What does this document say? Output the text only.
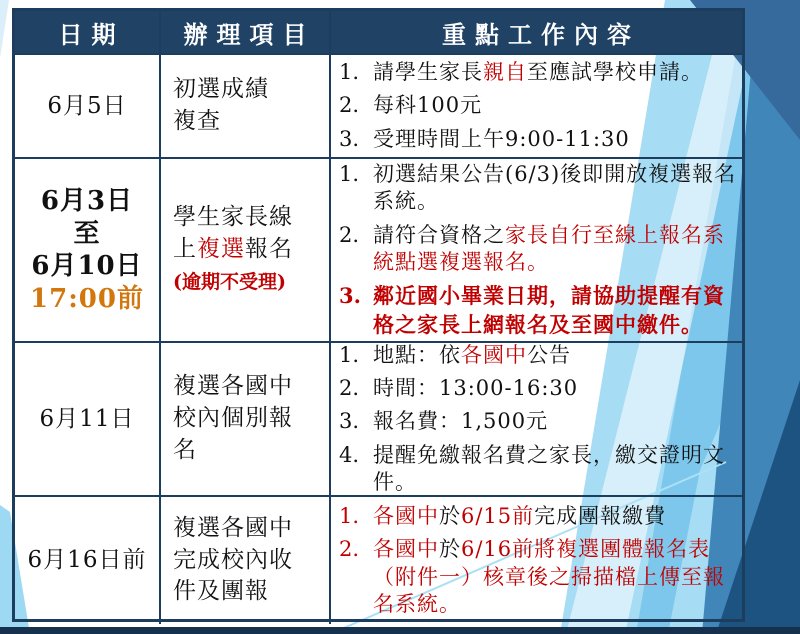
日期	辦理項目	重點工作內容
6月5日
初選成績
複查
1. 請學生家長親自至應試學校申請。
2. 每科100元
3. 受理時間上午9:00-11:30
6月3日
至
6月10日
17:00前
學生家長線
上複選報名
(逾期不受理)
1. 初選結果公告(6/3)後即開放複選報名系統。
2. 請符合資格之家長自行至線上報名系統點選複選報名。
3. 鄰近國小畢業日期，請協助提醒有資格之家長上網報名及至國中繳件。
6月11日
複選各國中
校內個別報
名
1. 地點：依各國中公告
2. 時間：13:00-16:30
3. 報名費：1,500元
4. 提醒免繳報名費之家長，繳交證明文件。
6月16日前
複選各國中
完成校內收
件及團報
1. 各國中於6/15前完成團報繳費
2. 各國中於6/16前將複選團體報名表（附件一）核章後之掃描檔上傳至報名系統。
